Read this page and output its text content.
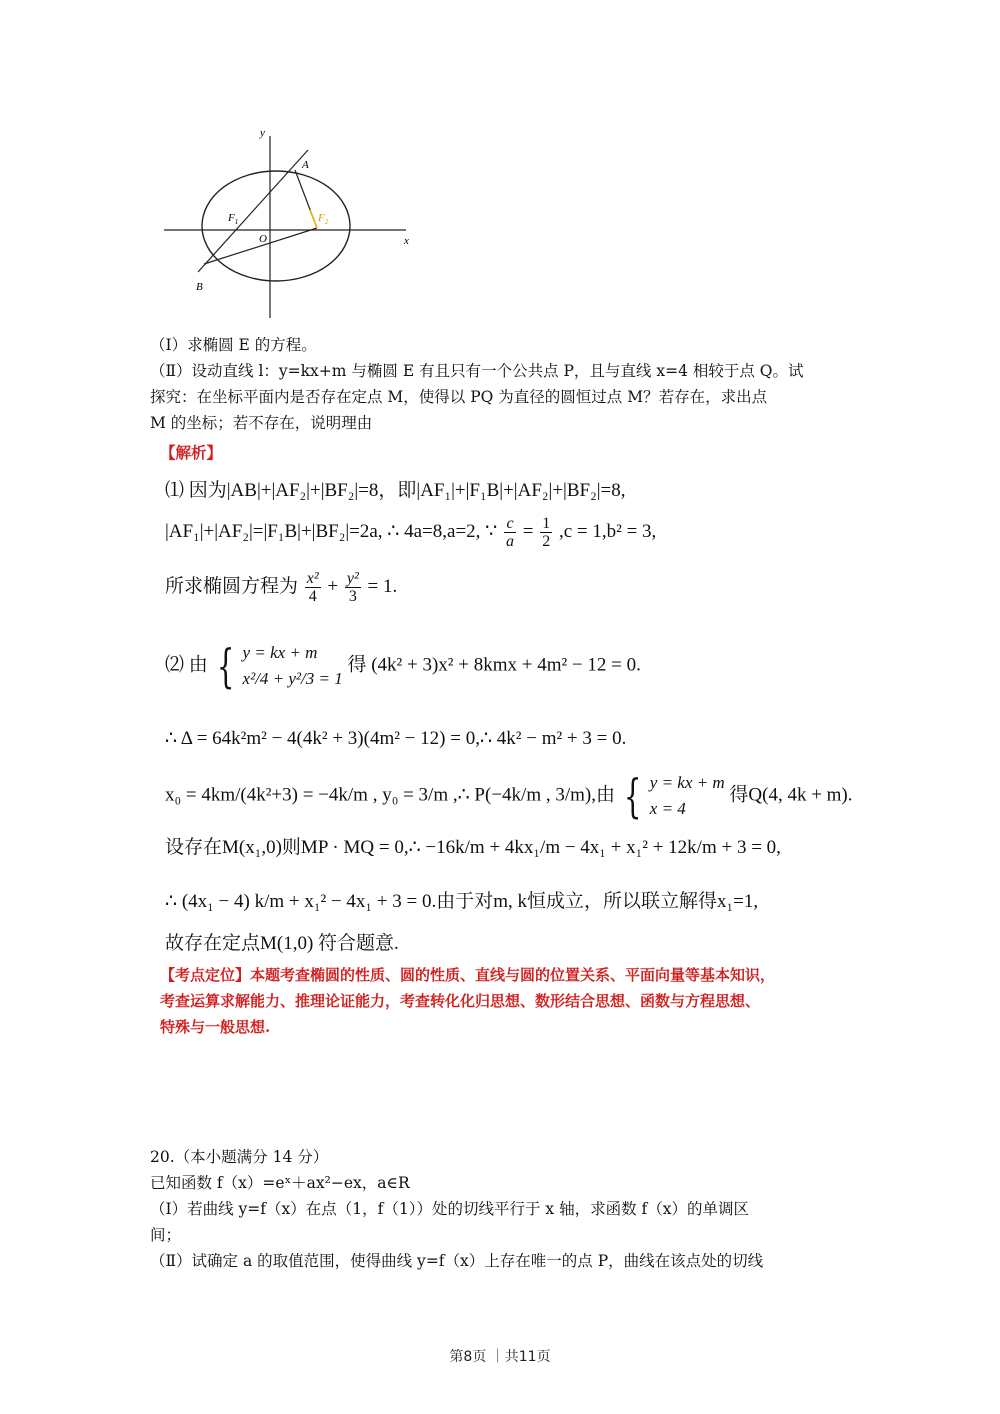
y
x
A
B
O
$F_1$	$F_2$
（Ⅰ）求椭圆 E 的方程。
（Ⅱ）设动直线 l：y=kx+m 与椭圆 E 有且只有一个公共点 P，且与直线 x=4 相较于点 Q。试
探究：在坐标平面内是否存在定点 M，使得以 PQ 为直径的圆恒过点 M？若存在，求出点
M 的坐标；若不存在，说明理由
【解析】
⑴ 因为|AB|+|AF₂|+|BF₂|=8，即|AF₁|+|F₁B|+|AF₂|+|BF₂|=8,
|AF₁|+|AF₂|=|F₁B|+|BF₂|=2a, ∴ 4a=8,a=2, ∵ $\frac{c}{a} = \frac{1}{2} ,c = 1,b^2 = 3$,
所求椭圆方程为 $\frac{\text{x²}}{4} + \frac{\text{y²}}{3} = 1$.
⑵ 由 { y = kx + m
x²/4 + y²/3 = 1
得 (4k² + 3)x² + 8kmx + 4m² − 12 = 0.
∴ Δ = 64k²m² − 4(4k² + 3)(4m² − 12) = 0,∴ 4k² − m² + 3 = 0.
x₀ = 4km/(4k²+3) = −4k/m , y₀ = 3/m ,∴ P(−4k/m , 3/m),由 { y = kx + m
x = 4
得Q(4, 4k + m).
设存在M(x₁,0)则MP · MQ = 0,∴ −16k/m + 4kx₁/m − 4x₁ + x₁² + 12k/m + 3 = 0,
∴ (4x₁ − 4) k/m + x₁² − 4x₁ + 3 = 0.由于对m, k恒成立，所以联立解得x₁=1,
故存在定点M(1,0) 符合题意.
【考点定位】本题考查椭圆的性质、圆的性质、直线与圆的位置关系、平面向量等基本知识，
考查运算求解能力、推理论证能力，考查转化化归思想、数形结合思想、函数与方程思想、
特殊与一般思想.
20.（本小题满分 14 分）
已知函数 f（x）=eˣ＋ax²−ex，a∈R
（Ⅰ）若曲线 y=f（x）在点（1，f（1））处的切线平行于 x 轴，求函数 f（x）的单调区
间；
（Ⅱ）试确定 a 的取值范围，使得曲线 y=f（x）上存在唯一的点 P，曲线在该点处的切线
第8页 ｜共11页
